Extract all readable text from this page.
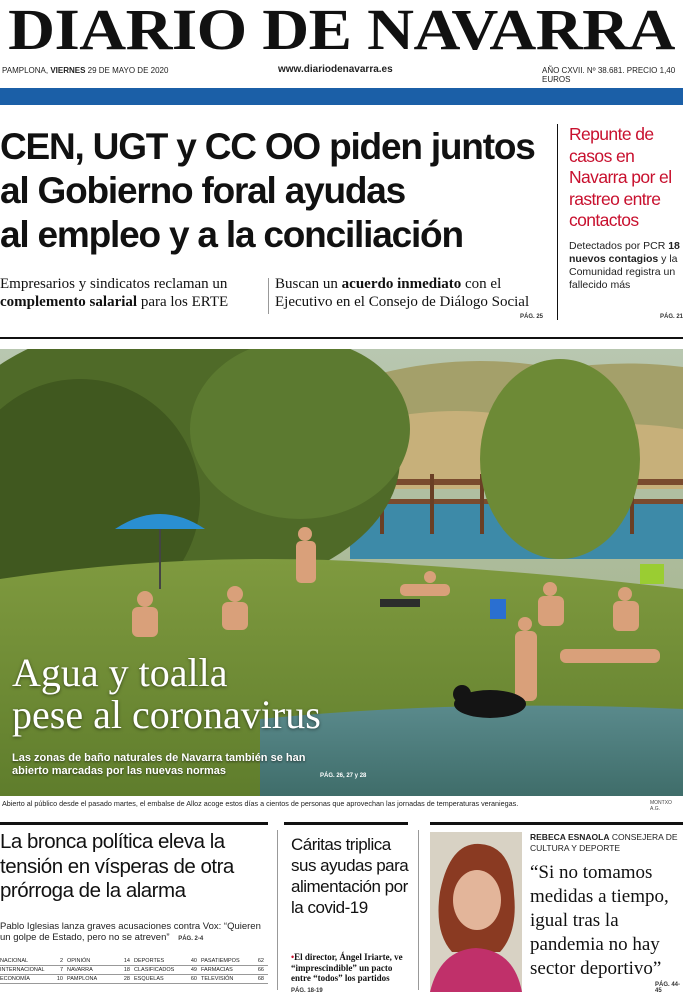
DIARIO DE NAVARRA
PAMPLONA, VIERNES 29 DE MAYO DE 2020	www.diariodenavarra.es	AÑO CXVII. Nº 38.681. PRECIO 1,40 EUROS
CEN, UGT y CC OO piden juntos
al Gobierno foral ayudas
al empleo y a la conciliación
Empresarios y sindicatos reclaman un complemento salarial para los ERTE
Buscan un acuerdo inmediato con el Ejecutivo en el Consejo de Diálogo Social
PÁG. 25
Repunte de casos en Navarra por el rastreo entre contactos
Detectados por PCR 18 nuevos contagios y la Comunidad registra un fallecido más
PÁG. 21
Agua y toalla
pese al coronavirus
Las zonas de baño naturales de Navarra también se han abierto marcadas por las nuevas normas	PÁG. 26, 27 y 28
Abierto al público desde el pasado martes, el embalse de Alloz acoge estos días a cientos de personas que aprovechan las jornadas de temperaturas veraniegas.	MONTXO A.G.
La bronca política eleva la tensión en vísperas de otra prórroga de la alarma
Pablo Iglesias lanza graves acusaciones contra Vox: “Quieren un golpe de Estado, pero no se atreven” PÁG. 2-4
NACIONAL	2 OPINIÓN	14 DEPORTES	40 PASATIEMPOS	62
INTERNACIONAL	7 NAVARRA	18 CLASIFICADOS	49 FARMACIAS	66
ECONOMÍA	10 PAMPLONA	28 ESQUELAS	60 TELEVISIÓN	68
Cáritas triplica sus ayudas para alimentación por la covid-19
•El director, Ángel Iriarte, ve “imprescindible” un pacto entre “todos” los partidos PÁG. 18-19
REBECA ESNAOLA CONSEJERA DE CULTURA Y DEPORTE
“Si no tomamos medidas a tiempo, igual tras la pandemia no hay sector deportivo”
PÁG. 44-45
